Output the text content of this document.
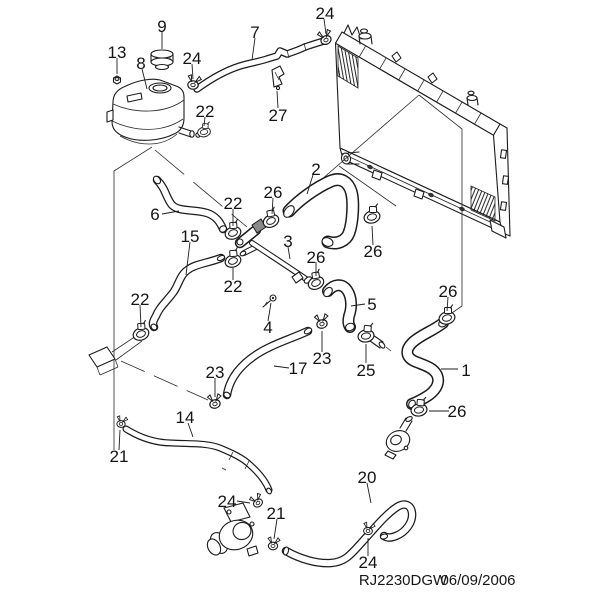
24
9	7
13
8 24
22	27
2
26
22
6
15	3
26 26
22
22	5
4
26
23
25
17
23	1
14	26
21
20
24
21
24
RJ2230DGW
06/09/2006
